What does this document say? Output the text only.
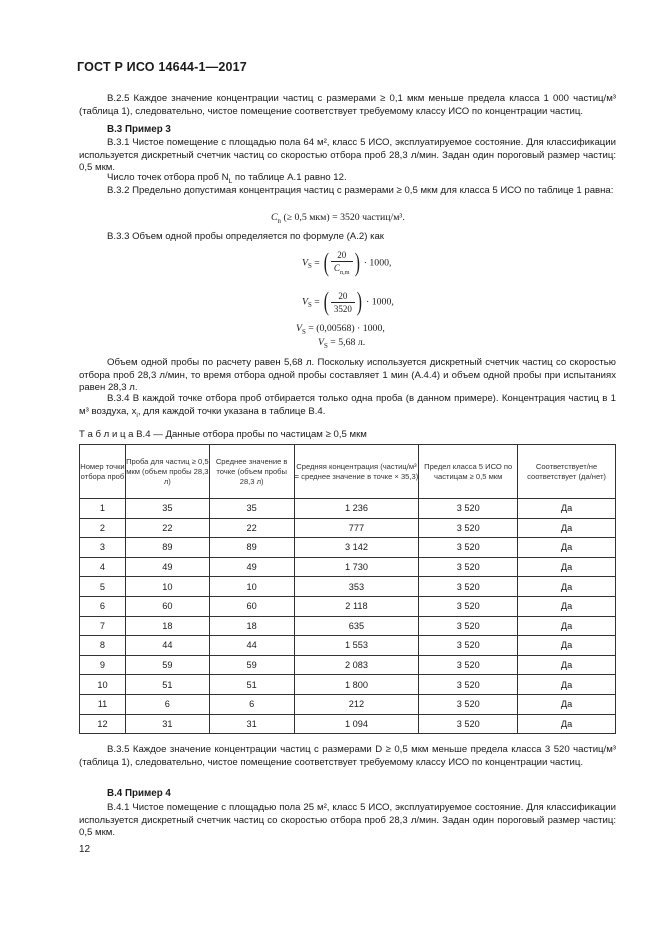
ГОСТ Р ИСО 14644-1—2017
В.2.5 Каждое значение концентрации частиц с размерами ≥ 0,1 мкм меньше предела класса 1 000 частиц/м³ (таблица 1), следовательно, чистое помещение соответствует требуемому классу ИСО по концентрации частиц.
В.3 Пример 3
В.3.1 Чистое помещение с площадью пола 64 м², класс 5 ИСО, эксплуатируемое состояние. Для классификации используется дискретный счетчик частиц со скоростью отбора проб 28,3 л/мин. Задан один пороговый размер частиц: 0,5 мкм.
Число точек отбора проб $N_L$ по таблице А.1 равно 12.
В.3.2 Предельно допустимая концентрация частиц с размерами ≥ 0,5 мкм для класса 5 ИСО по таблице 1 равна:
$C_n$ (≥ 0,5 мкм) = 3520 частиц/м³.
В.3.3 Объем одной пробы определяется по формуле (А.2) как
$V_S$ = ( $\frac{20}{C_{n,m}}$ ) · 1000,
$V_S$ = ( $\frac{20}{3520}$ ) · 1000,
$V_S = (0,00568) \cdot 1000$,
$V_S = 5,68$ л.
Объем одной пробы по расчету равен 5,68 л. Поскольку используется дискретный счетчик частиц со скоростью отбора проб 28,3 л/мин, то время отбора одной пробы составляет 1 мин (А.4.4) и объем одной пробы при испытаниях равен 28,3 л.
В.3.4 В каждой точке отбора проб отбирается только одна проба (в данном примере). Концентрация частиц в 1 м³ воздуха, $x_i$, для каждой точки указана в таблице В.4.
Т а б л и ц а В.4 — Данные отбора пробы по частицам ≥ 0,5 мкм
Номер точки отбора проб	Проба для частиц ≥ 0,5 мкм (объем пробы 28,3 л)	Среднее значение в точке (объем пробы 28,3 л)	Средняя концентрация (частиц/м³ = среднее значение в точке × 35,3)	Предел класса 5 ИСО по частицам ≥ 0,5 мкм	Соответствует/не соответствует (да/нет)
1	35	35	1 236	3 520	Да
2	22	22	777	3 520	Да
3	89	89	3 142	3 520	Да
4	49	49	1 730	3 520	Да
5	10	10	353	3 520	Да
6	60	60	2 118	3 520	Да
7	18	18	635	3 520	Да
8	44	44	1 553	3 520	Да
9	59	59	2 083	3 520	Да
10	51	51	1 800	3 520	Да
11	6	6	212	3 520	Да
12	31	31	1 094	3 520	Да
В.3.5 Каждое значение концентрации частиц с размерами D ≥ 0,5 мкм меньше предела класса 3 520 частиц/м³ (таблица 1), следовательно, чистое помещение соответствует требуемому классу ИСО по концентрации частиц.
В.4 Пример 4
В.4.1 Чистое помещение с площадью пола 25 м², класс 5 ИСО, эксплуатируемое состояние. Для классификации используется дискретный счетчик частиц со скоростью отбора проб 28,3 л/мин. Задан один пороговый размер частиц: 0,5 мкм.
12
